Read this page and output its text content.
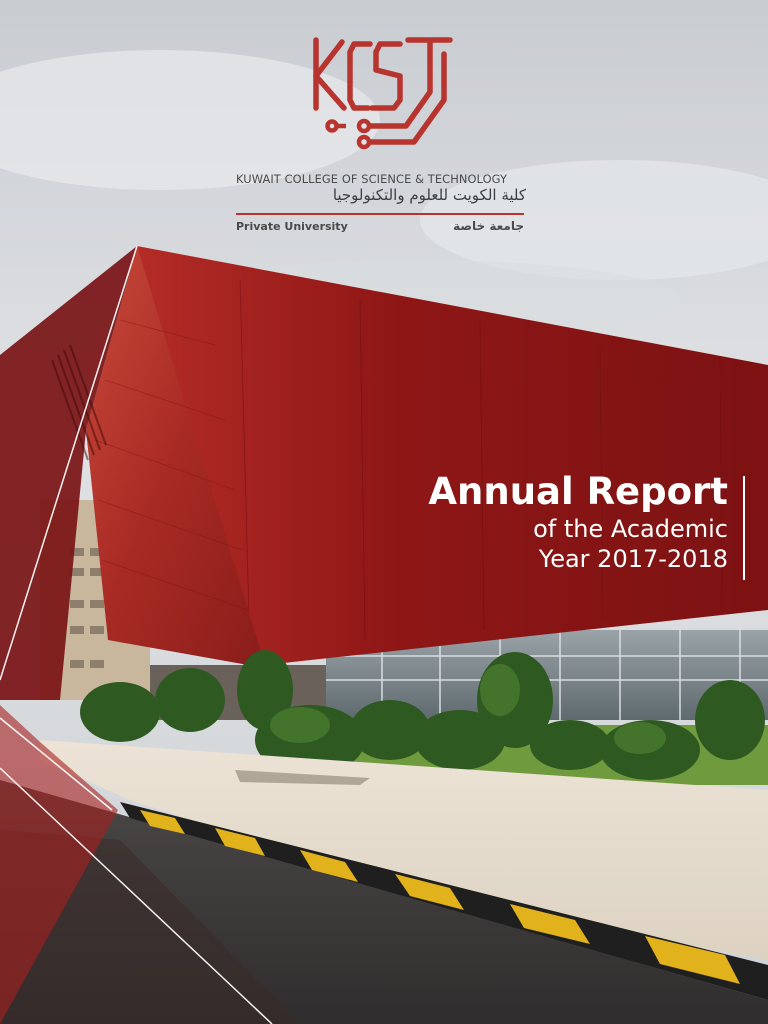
KUWAIT COLLEGE OF SCIENCE & TECHNOLOGY
كلية الكويت للعلوم والتكنولوجيا
Private University	جامعة خاصة
Annual Report
of the Academic
Year 2017-2018
